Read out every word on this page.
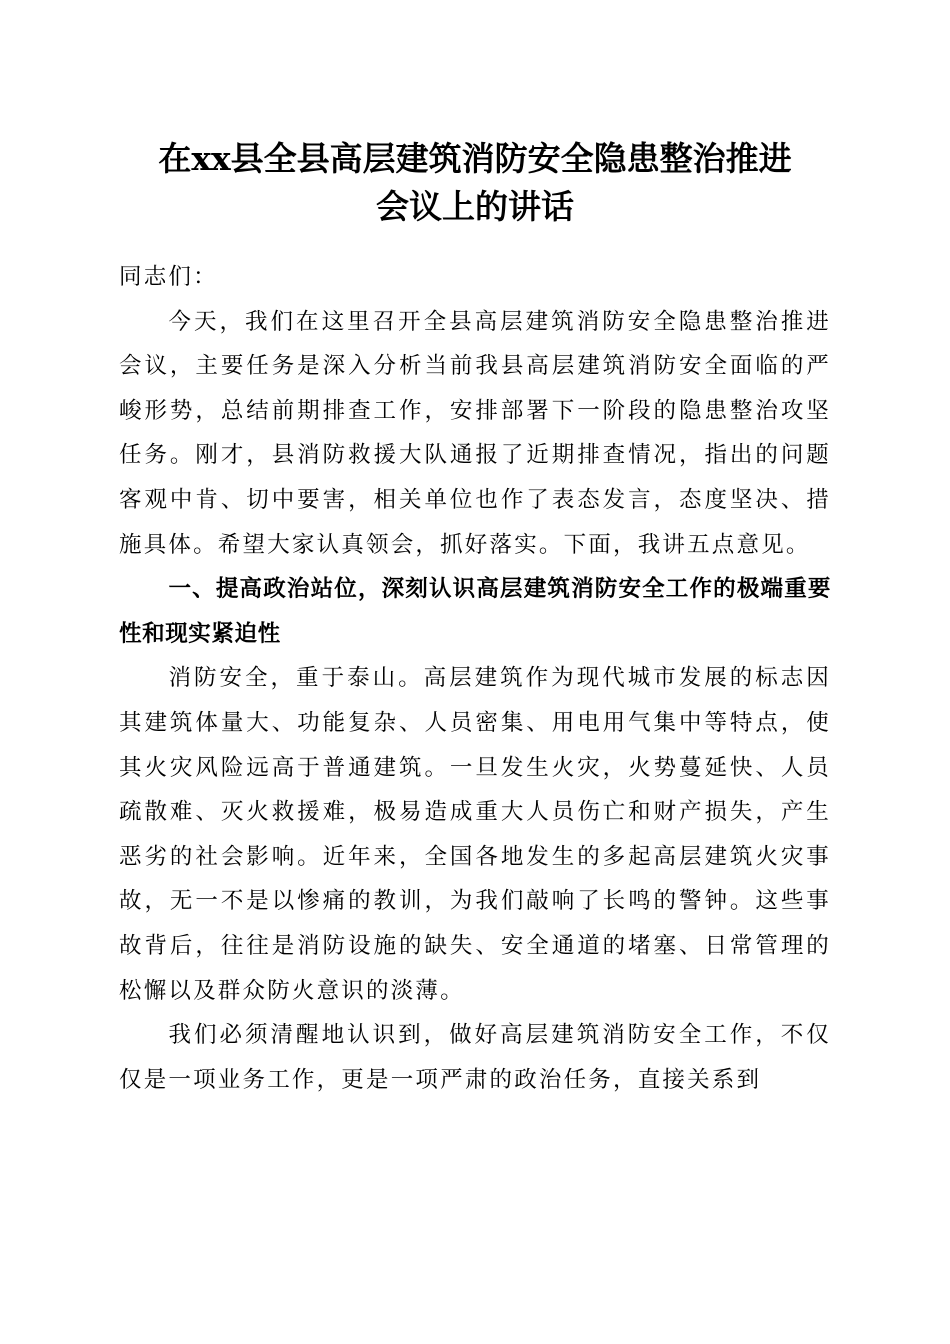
在xx县全县高层建筑消防安全隐患整治推进
会议上的讲话

同志们：

今天，我们在这里召开全县高层建筑消防安全隐患整治推进会议，主要任务是深入分析当前我县高层建筑消防安全面临的严峻形势，总结前期排查工作，安排部署下一阶段的隐患整治攻坚任务。刚才，县消防救援大队通报了近期排查情况，指出的问题客观中肯、切中要害，相关单位也作了表态发言，态度坚决、措施具体。希望大家认真领会，抓好落实。下面，我讲五点意见。

一、提高政治站位，深刻认识高层建筑消防安全工作的极端重要性和现实紧迫性

消防安全，重于泰山。高层建筑作为现代城市发展的标志因其建筑体量大、功能复杂、人员密集、用电用气集中等特点，使其火灾风险远高于普通建筑。一旦发生火灾，火势蔓延快、人员疏散难、灭火救援难，极易造成重大人员伤亡和财产损失，产生恶劣的社会影响。近年来，全国各地发生的多起高层建筑火灾事故，无一不是以惨痛的教训，为我们敲响了长鸣的警钟。这些事故背后，往往是消防设施的缺失、安全通道的堵塞、日常管理的松懈以及群众防火意识的淡薄。

我们必须清醒地认识到，做好高层建筑消防安全工作，不仅仅是一项业务工作，更是一项严肃的政治任务，直接关系到
